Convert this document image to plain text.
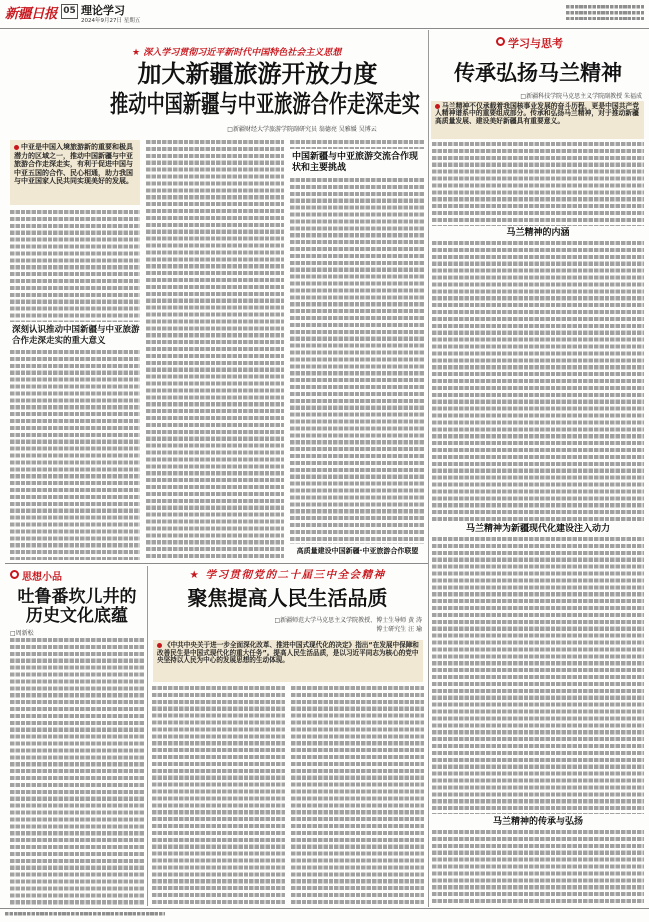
新疆日报 05 理论学习
2024年9月27日 星期五
★ 深入学习贯彻习近平新时代中国特色社会主义思想
加大新疆旅游开放力度
推动中国新疆与中亚旅游合作走深走实
□新疆财经大学旅游学院副研究员 翁德亮 吴雅媛 吴博云
中亚是中国入境旅游新的重要和极具潜力的区域之一，推动中国新疆与中亚旅游合作走深走实，有利于促进中国与中亚五国的合作、民心相通，助力我国与中亚国家人民共同实现美好的发展。
深刻认识推动中国新疆与中亚旅游合作走深走实的重大意义
中国新疆与中亚旅游交流合作现状和主要挑战
高质量建设中国新疆·中亚旅游合作联盟
学习与思考
传承弘扬马兰精神
□新疆科技学院马克思主义学院副教授 朱福成
马兰精神不仅承载着我国核事业发展的奋斗历程，更是中国共产党人精神谱系中的重要组成部分。传承和弘扬马兰精神，对于推动新疆高质量发展、建设美好新疆具有重要意义。
马兰精神的内涵
马兰精神为新疆现代化建设注入动力
马兰精神的传承与弘扬
思想小品
吐鲁番坎儿井的
历史文化底蕴
□周新松
★ 学习贯彻党的二十届三中全会精神
聚焦提高人民生活品质
□新疆师范大学马克思主义学院教授、博士生导师 黄 涛
博士研究生 汪 瑜
《中共中央关于进一步全面深化改革、推进中国式现代化的决定》指出“在发展中保障和改善民生是中国式现代化的重大任务”。提高人民生活品质，是以习近平同志为核心的党中央坚持以人民为中心的发展思想的生动体现。
